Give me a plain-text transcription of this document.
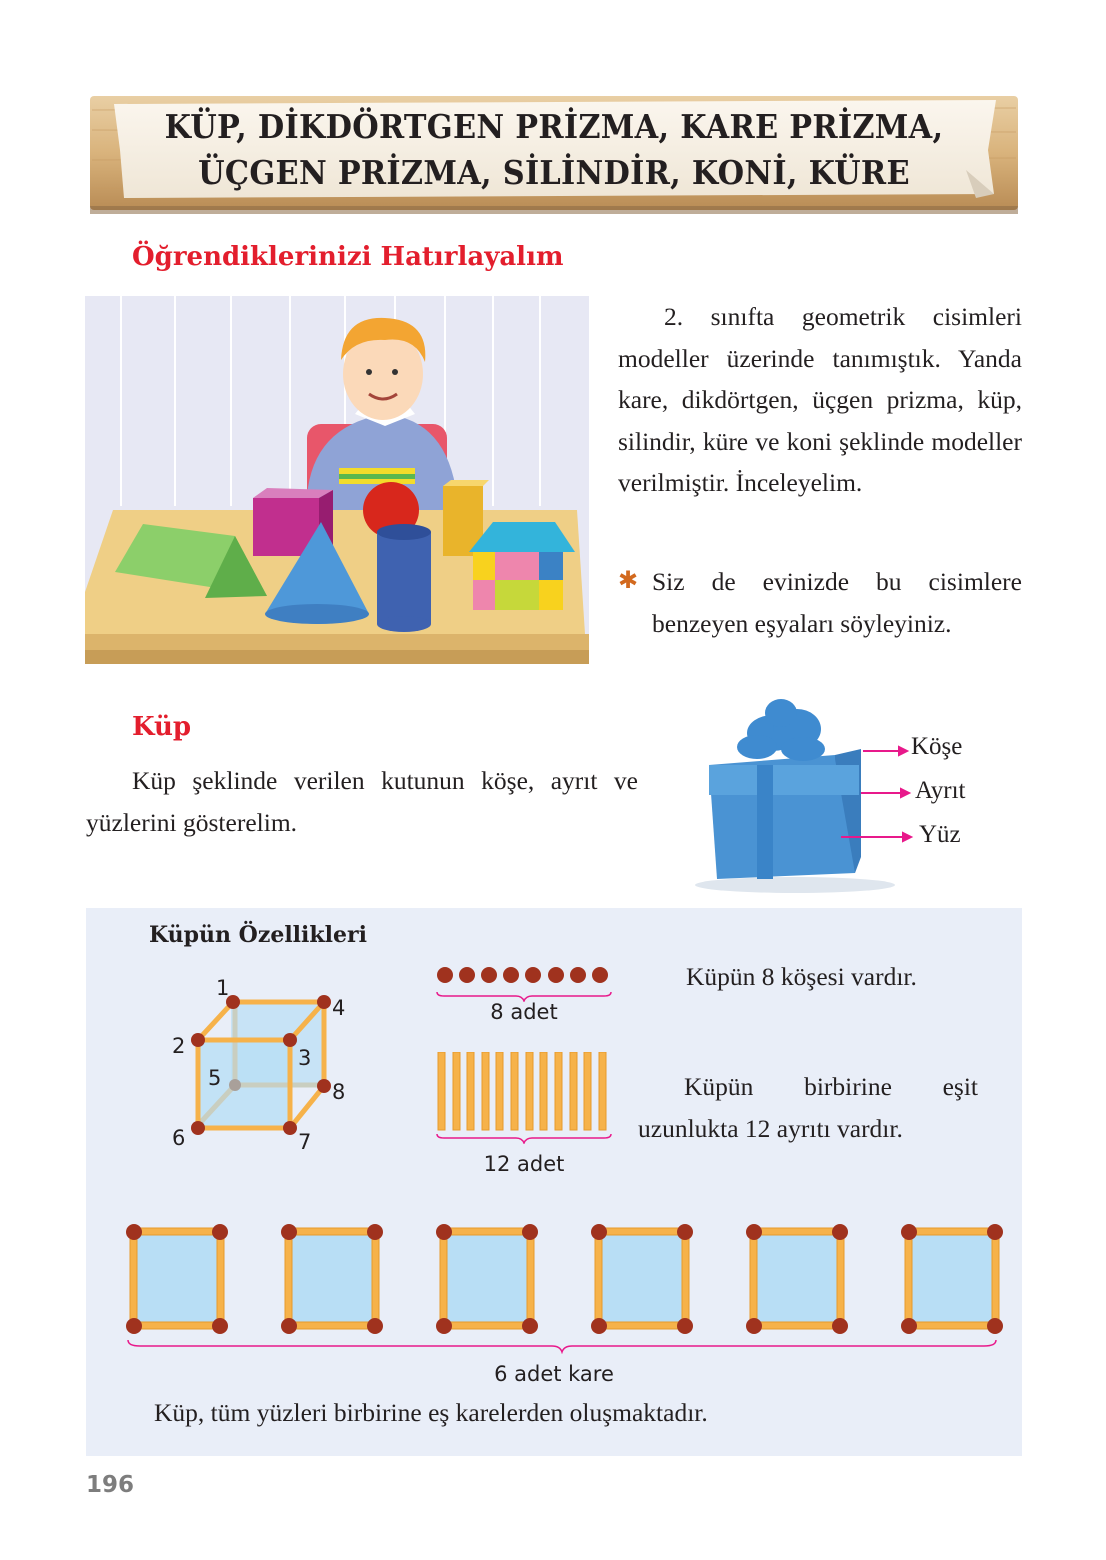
KÜP, DİKDÖRTGEN PRİZMA, KARE PRİZMA,
ÜÇGEN PRİZMA, SİLİNDİR, KONİ, KÜRE
Öğrendiklerinizi Hatırlayalım

2. sınıfta geometrik cisimleri modeller üzerinde tanımıştık. Yanda kare, dikdörtgen, üçgen prizma, küp, silindir, küre ve koni şeklinde modeller verilmiştir. İnceleyelim.

✱ Siz de evinizde bu cisimlere benzeyen eşyaları söyleyiniz.
Küp

Küp şeklinde verilen kutunun köşe, ayrıt ve yüzlerini gösterelim.

Köşe
Ayrıt
Yüz
Küpün Özellikleri
1
2	3
4
5
6	7
8
8 adet
12 adet
Küpün 8 köşesi vardır.
Küpün birbirine eşit
uzunlukta 12 ayrıtı vardır.
6 adet kare
Küp, tüm yüzleri birbirine eş karelerden oluşmaktadır.
196
